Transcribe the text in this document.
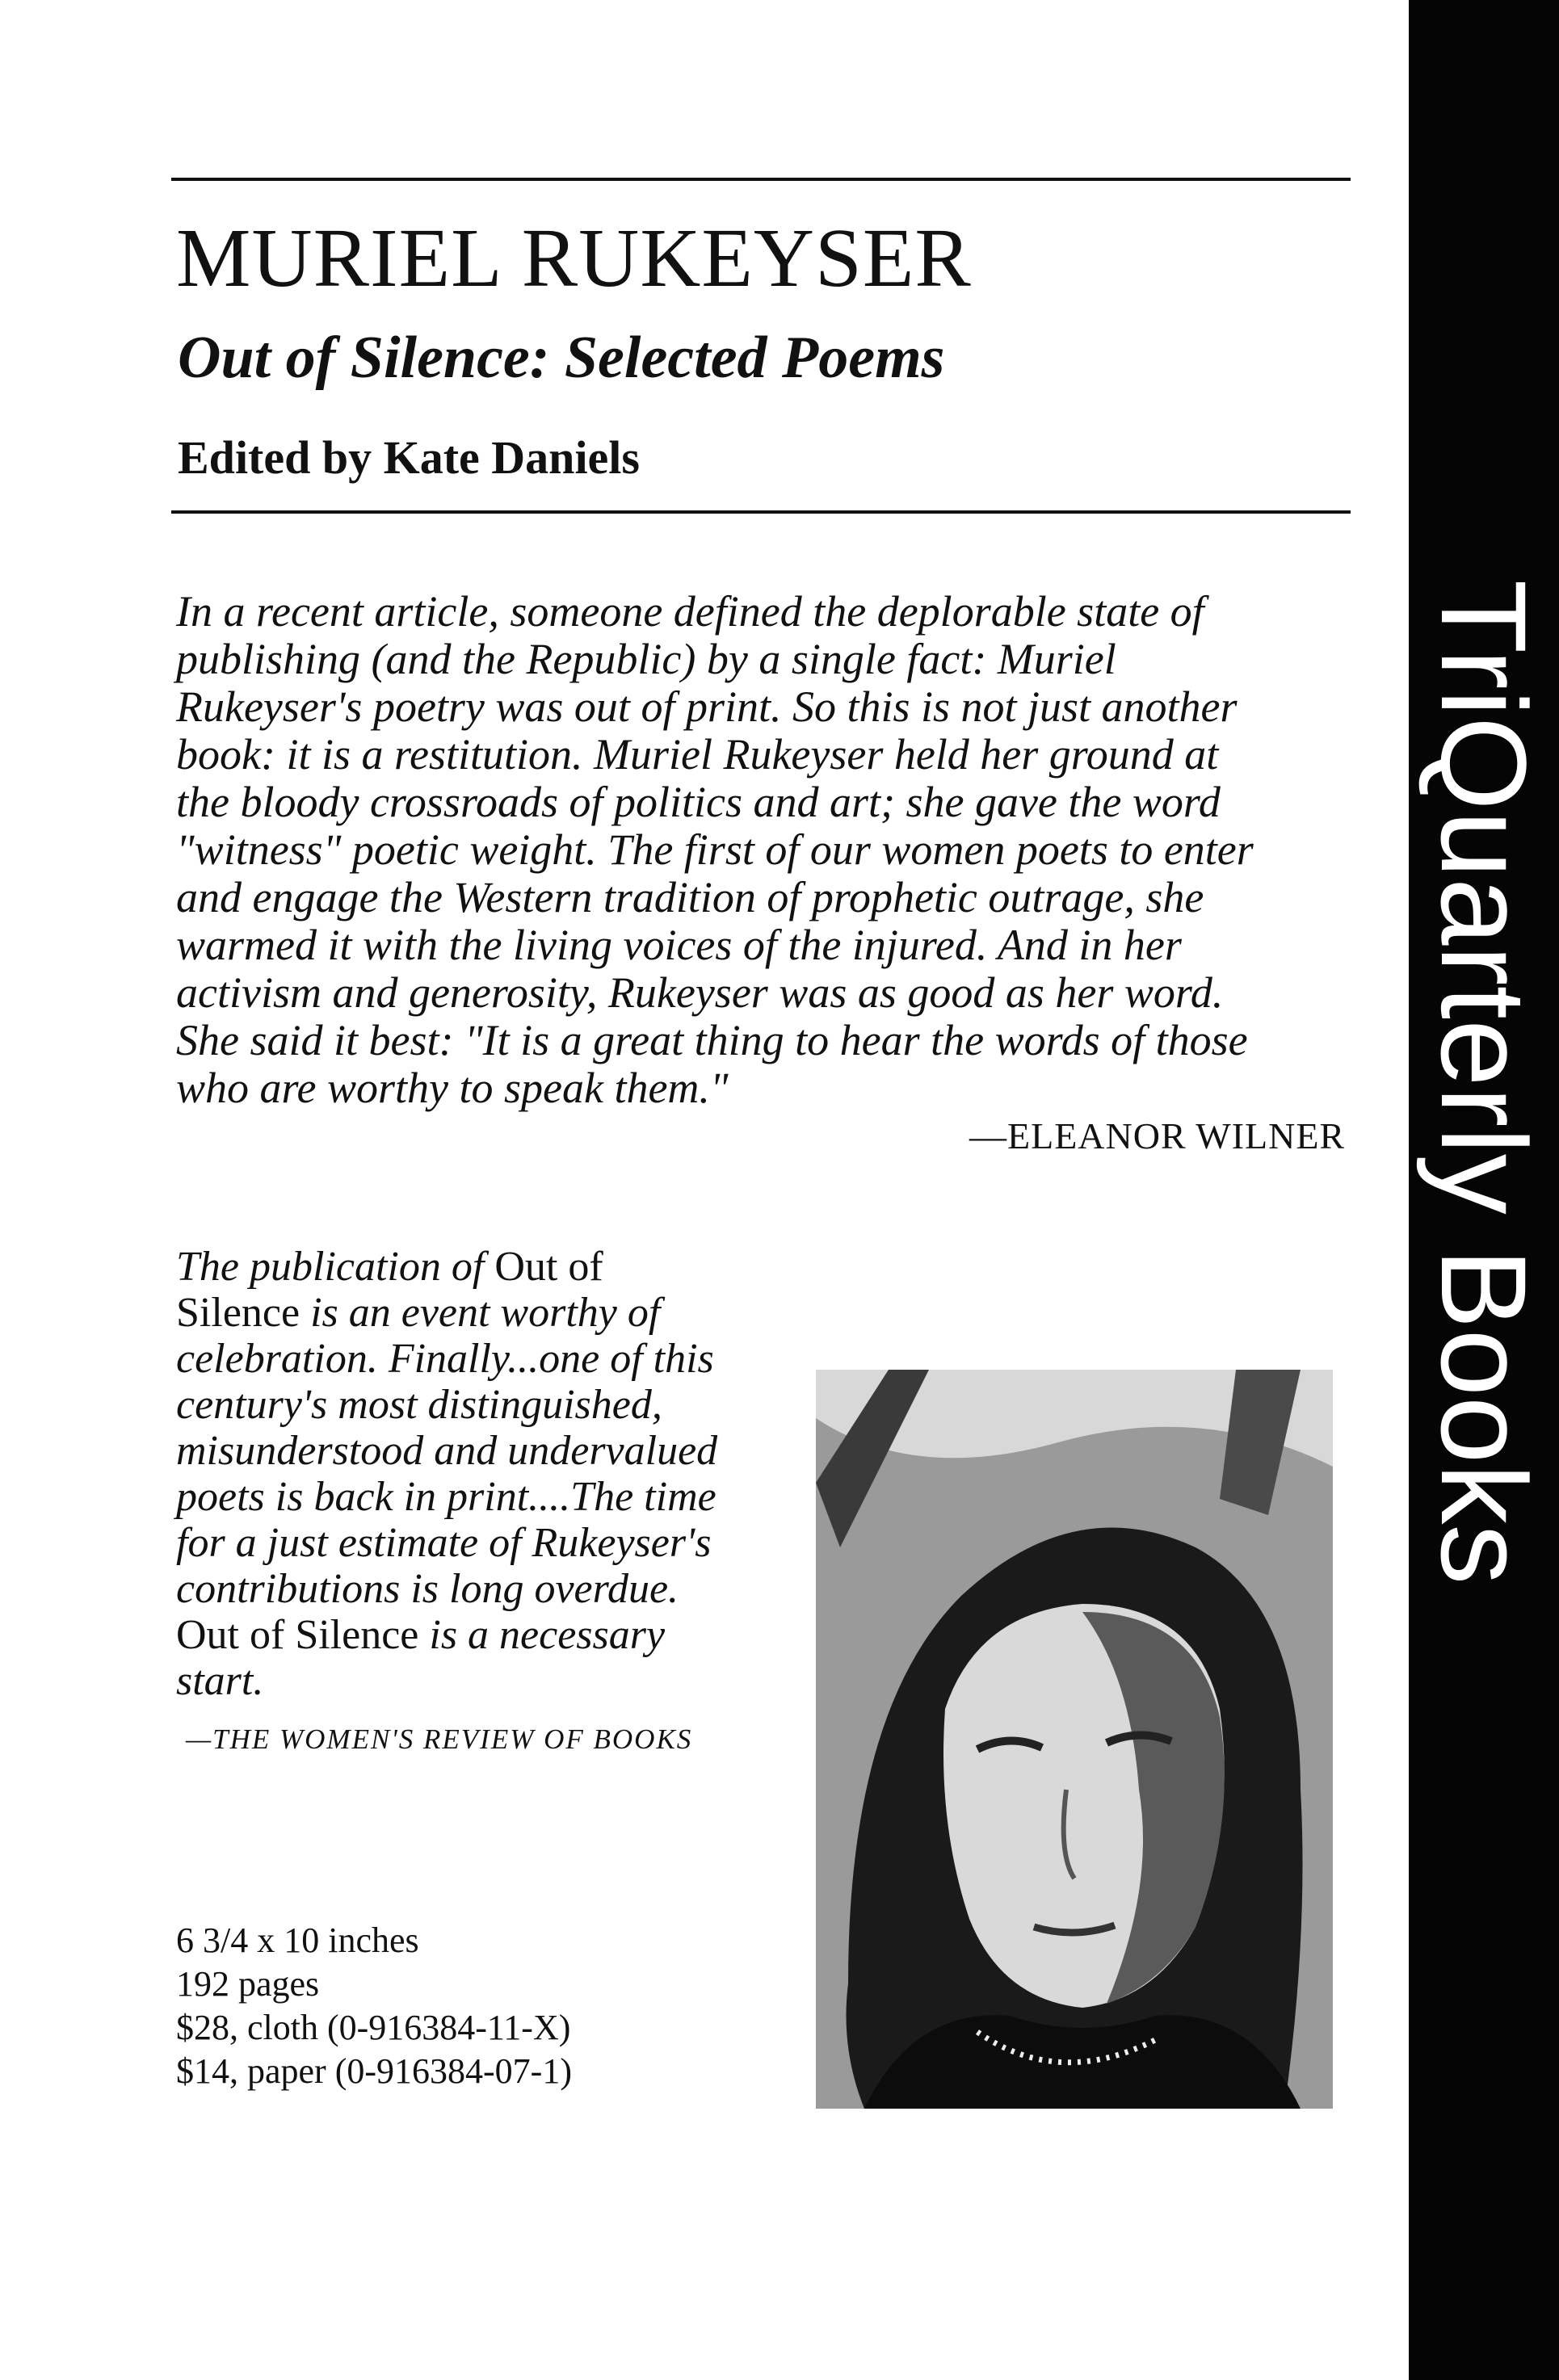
MURIEL RUKEYSER
Out of Silence: Selected Poems
Edited by Kate Daniels
In a recent article, someone defined the deplorable state of
publishing (and the Republic) by a single fact: Muriel
Rukeyser's poetry was out of print. So this is not just another
book: it is a restitution. Muriel Rukeyser held her ground at
the bloody crossroads of politics and art; she gave the word
"witness" poetic weight. The first of our women poets to enter
and engage the Western tradition of prophetic outrage, she
warmed it with the living voices of the injured. And in her
activism and generosity, Rukeyser was as good as her word.
She said it best: "It is a great thing to hear the words of those
who are worthy to speak them."
—ELEANOR WILNER
The publication of Out of
Silence is an event worthy of
celebration. Finally...one of this
century's most distinguished,
misunderstood and undervalued
poets is back in print....The time
for a just estimate of Rukeyser's
contributions is long overdue.
Out of Silence is a necessary
start.
—THE WOMEN'S REVIEW OF BOOKS
6 3/4 x 10 inches
192 pages
$28, cloth (0-916384-11-X)
$14, paper (0-916384-07-1)
TriQuarterly Books
